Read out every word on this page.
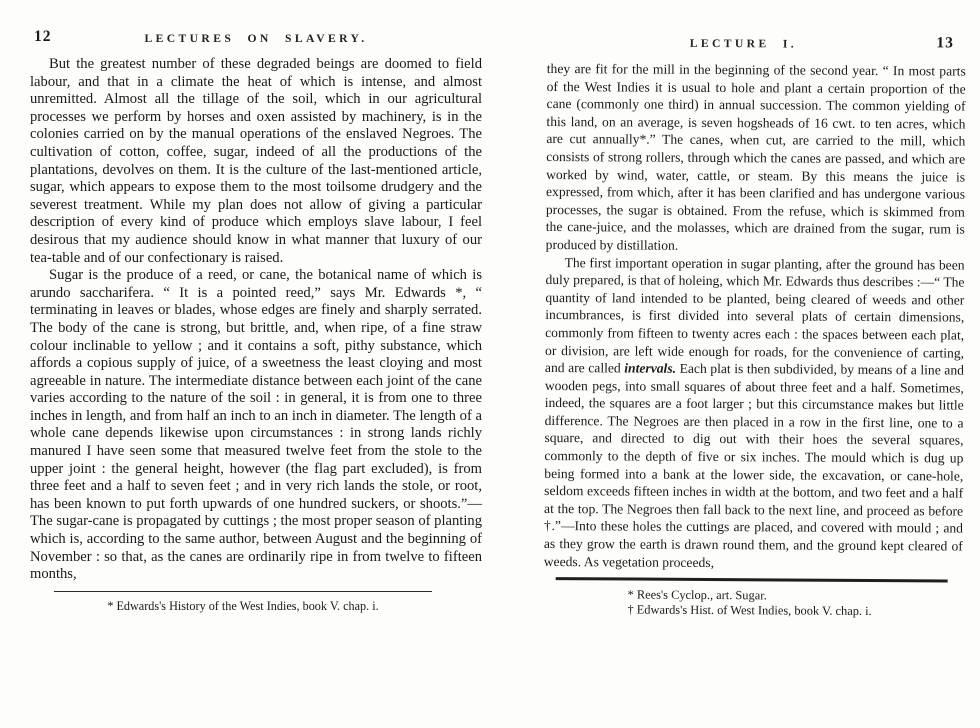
12	LECTURES ON SLAVERY.

But the greatest number of these degraded beings are doomed to field labour, and that in a climate the heat of which is intense, and almost unremitted. Almost all the tillage of the soil, which in our agricultural processes we perform by horses and oxen assisted by machinery, is in the colonies carried on by the manual operations of the enslaved Negroes. The cultivation of cotton, coffee, sugar, indeed of all the productions of the plantations, devolves on them. It is the culture of the last-mentioned article, sugar, which appears to expose them to the most toilsome drudgery and the severest treatment. While my plan does not allow of giving a particular description of every kind of produce which employs slave labour, I feel desirous that my audience should know in what manner that luxury of our tea-table and of our confectionary is raised.

Sugar is the produce of a reed, or cane, the botanical name of which is arundo saccharifera. “ It is a pointed reed,” says Mr. Edwards *, “ terminating in leaves or blades, whose edges are finely and sharply serrated. The body of the cane is strong, but brittle, and, when ripe, of a fine straw colour inclinable to yellow ; and it contains a soft, pithy substance, which affords a copious supply of juice, of a sweetness the least cloying and most agreeable in nature. The intermediate distance between each joint of the cane varies according to the nature of the soil : in general, it is from one to three inches in length, and from half an inch to an inch in diameter. The length of a whole cane depends likewise upon circumstances : in strong lands richly manured I have seen some that measured twelve feet from the stole to the upper joint : the general height, however (the flag part excluded), is from three feet and a half to seven feet ; and in very rich lands the stole, or root, has been known to put forth upwards of one hundred suckers, or shoots.”—The sugar-cane is propagated by cuttings ; the most proper season of planting which is, according to the same author, between August and the beginning of November : so that, as the canes are ordinarily ripe in from twelve to fifteen months,

* Edwards's History of the West Indies, book V. chap. i.

13
LECTURE I.

they are fit for the mill in the beginning of the second year. “ In most parts of the West Indies it is usual to hole and plant a certain proportion of the cane (commonly one third) in annual succession. The common yielding of this land, on an average, is seven hogsheads of 16 cwt. to ten acres, which are cut annually*.” The canes, when cut, are carried to the mill, which consists of strong rollers, through which the canes are passed, and which are worked by wind, water, cattle, or steam. By this means the juice is expressed, from which, after it has been clarified and has undergone various processes, the sugar is obtained. From the refuse, which is skimmed from the cane-juice, and the molasses, which are drained from the sugar, rum is produced by distillation.

The first important operation in sugar planting, after the ground has been duly prepared, is that of holeing, which Mr. Edwards thus describes :—“ The quantity of land intended to be planted, being cleared of weeds and other incumbrances, is first divided into several plats of certain dimensions, commonly from fifteen to twenty acres each : the spaces between each plat, or division, are left wide enough for roads, for the convenience of carting, and are called intervals. Each plat is then subdivided, by means of a line and wooden pegs, into small squares of about three feet and a half. Sometimes, indeed, the squares are a foot larger ; but this circumstance makes but little difference. The Negroes are then placed in a row in the first line, one to a square, and directed to dig out with their hoes the several squares, commonly to the depth of five or six inches. The mould which is dug up being formed into a bank at the lower side, the excavation, or cane-hole, seldom exceeds fifteen inches in width at the bottom, and two feet and a half at the top. The Negroes then fall back to the next line, and proceed as before †.”—Into these holes the cuttings are placed, and covered with mould ; and as they grow the earth is drawn round them, and the ground kept cleared of weeds. As vegetation proceeds,

* Rees's Cyclop., art. Sugar.

† Edwards's Hist. of West Indies, book V. chap. i.
